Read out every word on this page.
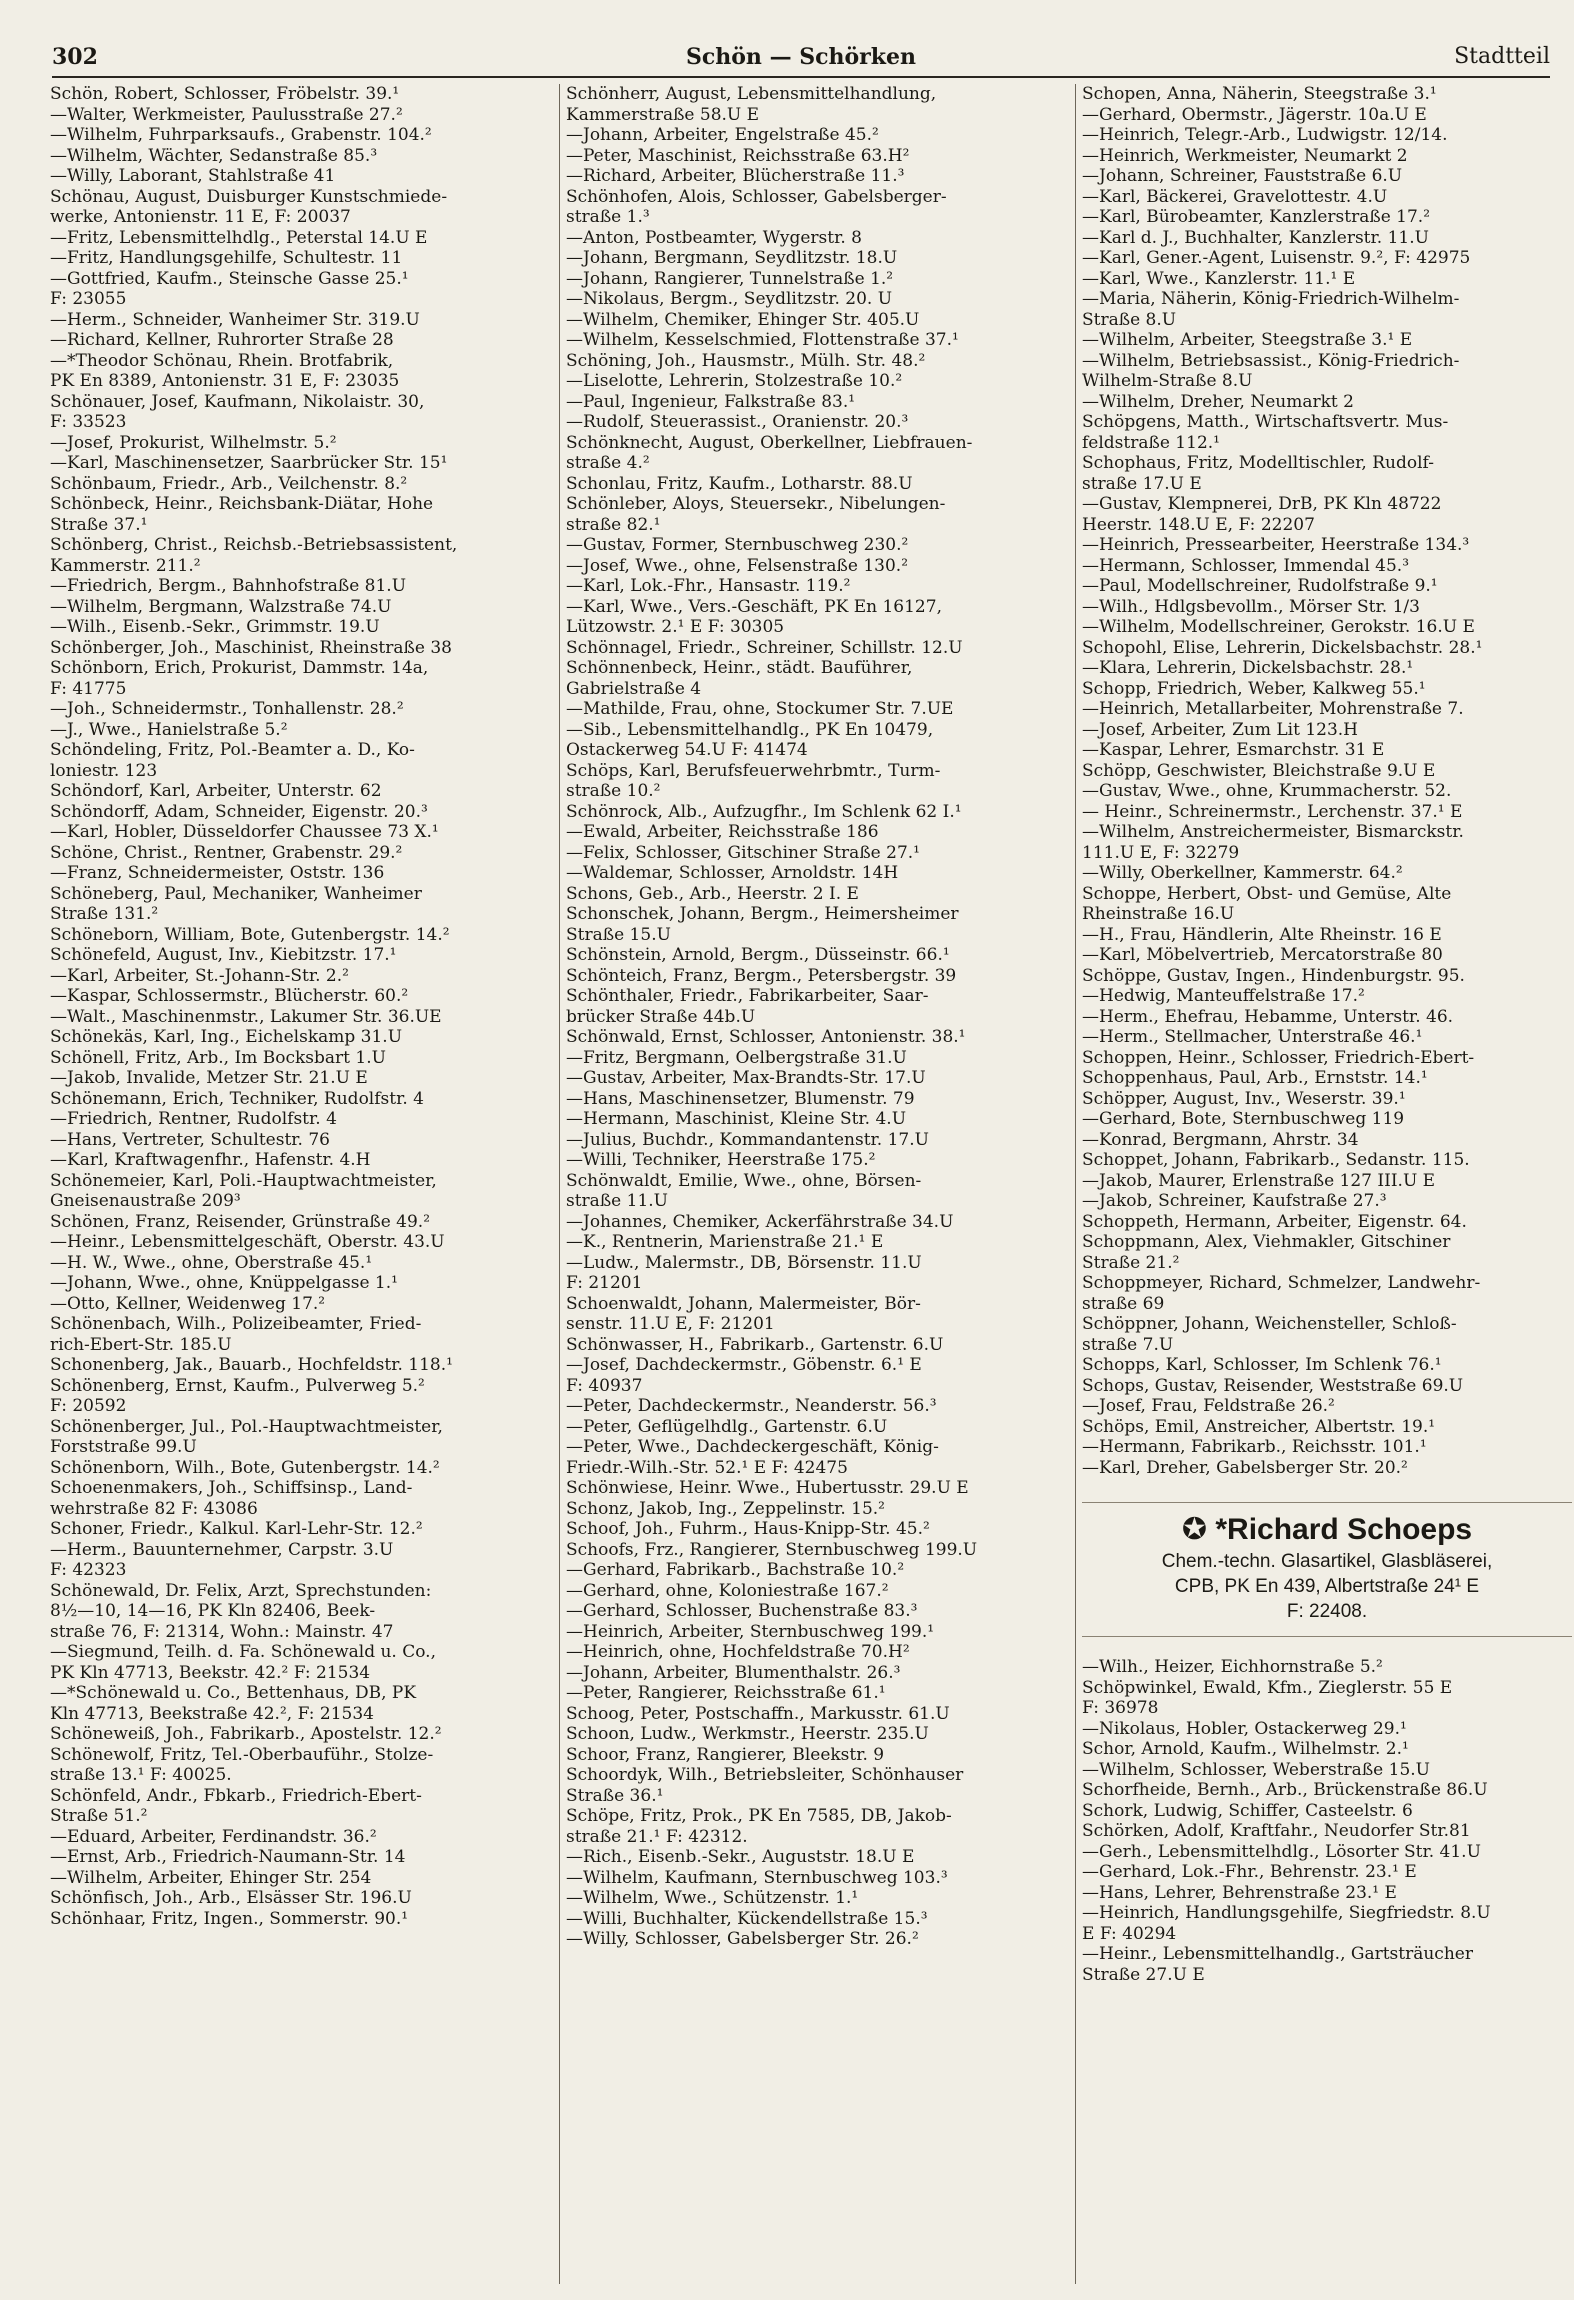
302	Schön — Schörken	Stadtteil
Schön, Robert, Schlosser, Fröbelstr. 39.¹
—Walter, Werkmeister, Paulusstraße 27.²
—Wilhelm, Fuhrparksaufs., Grabenstr. 104.²
—Wilhelm, Wächter, Sedanstraße 85.³
—Willy, Laborant, Stahlstraße 41
Schönau, August, Duisburger Kunstschmiede-
werke, Antonienstr. 11 E, F: 20037
—Fritz, Lebensmittelhdlg., Peterstal 14.U E
—Fritz, Handlungsgehilfe, Schultestr. 11
—Gottfried, Kaufm., Steinsche Gasse 25.¹
F: 23055
—Herm., Schneider, Wanheimer Str. 319.U
—Richard, Kellner, Ruhrorter Straße 28
—*Theodor Schönau, Rhein. Brotfabrik,
PK En 8389, Antonienstr. 31 E, F: 23035
Schönauer, Josef, Kaufmann, Nikolaistr. 30,
F: 33523
—Josef, Prokurist, Wilhelmstr. 5.²
—Karl, Maschinensetzer, Saarbrücker Str. 15¹
Schönbaum, Friedr., Arb., Veilchenstr. 8.²
Schönbeck, Heinr., Reichsbank-Diätar, Hohe
Straße 37.¹
Schönberg, Christ., Reichsb.-Betriebsassistent,
Kammerstr. 211.²
—Friedrich, Bergm., Bahnhofstraße 81.U
—Wilhelm, Bergmann, Walzstraße 74.U
—Wilh., Eisenb.-Sekr., Grimmstr. 19.U
Schönberger, Joh., Maschinist, Rheinstraße 38
Schönborn, Erich, Prokurist, Dammstr. 14a,
F: 41775
—Joh., Schneidermstr., Tonhallenstr. 28.²
—J., Wwe., Hanielstraße 5.²
Schöndeling, Fritz, Pol.-Beamter a. D., Ko-
loniestr. 123
Schöndorf, Karl, Arbeiter, Unterstr. 62
Schöndorff, Adam, Schneider, Eigenstr. 20.³
—Karl, Hobler, Düsseldorfer Chaussee 73 X.¹
Schöne, Christ., Rentner, Grabenstr. 29.²
—Franz, Schneidermeister, Oststr. 136
Schöneberg, Paul, Mechaniker, Wanheimer
Straße 131.²
Schöneborn, William, Bote, Gutenbergstr. 14.²
Schönefeld, August, Inv., Kiebitzstr. 17.¹
—Karl, Arbeiter, St.-Johann-Str. 2.²
—Kaspar, Schlossermstr., Blücherstr. 60.²
—Walt., Maschinenmstr., Lakumer Str. 36.UE
Schönekäs, Karl, Ing., Eichelskamp 31.U
Schönell, Fritz, Arb., Im Bocksbart 1.U
—Jakob, Invalide, Metzer Str. 21.U E
Schönemann, Erich, Techniker, Rudolfstr. 4
—Friedrich, Rentner, Rudolfstr. 4
—Hans, Vertreter, Schultestr. 76
—Karl, Kraftwagenfhr., Hafenstr. 4.H
Schönemeier, Karl, Poli.-Hauptwachtmeister,
Gneisenaustraße 209³
Schönen, Franz, Reisender, Grünstraße 49.²
—Heinr., Lebensmittelgeschäft, Oberstr. 43.U
—H. W., Wwe., ohne, Oberstraße 45.¹
—Johann, Wwe., ohne, Knüppelgasse 1.¹
—Otto, Kellner, Weidenweg 17.²
Schönenbach, Wilh., Polizeibeamter, Fried-
rich-Ebert-Str. 185.U
Schonenberg, Jak., Bauarb., Hochfeldstr. 118.¹
Schönenberg, Ernst, Kaufm., Pulverweg 5.²
F: 20592
Schönenberger, Jul., Pol.-Hauptwachtmeister,
Forststraße 99.U
Schönenborn, Wilh., Bote, Gutenbergstr. 14.²
Schoenenmakers, Joh., Schiffsinsp., Land-
wehrstraße 82 F: 43086
Schoner, Friedr., Kalkul. Karl-Lehr-Str. 12.²
—Herm., Bauunternehmer, Carpstr. 3.U
F: 42323
Schönewald, Dr. Felix, Arzt, Sprechstunden:
8½—10, 14—16, PK Kln 82406, Beek-
straße 76, F: 21314, Wohn.: Mainstr. 47
—Siegmund, Teilh. d. Fa. Schönewald u. Co.,
PK Kln 47713, Beekstr. 42.² F: 21534
—*Schönewald u. Co., Bettenhaus, DB, PK
Kln 47713, Beekstraße 42.², F: 21534
Schöneweiß, Joh., Fabrikarb., Apostelstr. 12.²
Schönewolf, Fritz, Tel.-Oberbauführ., Stolze-
straße 13.¹ F: 40025.
Schönfeld, Andr., Fbkarb., Friedrich-Ebert-
Straße 51.²
—Eduard, Arbeiter, Ferdinandstr. 36.²
—Ernst, Arb., Friedrich-Naumann-Str. 14
—Wilhelm, Arbeiter, Ehinger Str. 254
Schönfisch, Joh., Arb., Elsässer Str. 196.U
Schönhaar, Fritz, Ingen., Sommerstr. 90.¹
Schönherr, August, Lebensmittelhandlung,
Kammerstraße 58.U E
—Johann, Arbeiter, Engelstraße 45.²
—Peter, Maschinist, Reichsstraße 63.H²
—Richard, Arbeiter, Blücherstraße 11.³
Schönhofen, Alois, Schlosser, Gabelsberger-
straße 1.³
—Anton, Postbeamter, Wygerstr. 8
—Johann, Bergmann, Seydlitzstr. 18.U
—Johann, Rangierer, Tunnelstraße 1.²
—Nikolaus, Bergm., Seydlitzstr. 20. U
—Wilhelm, Chemiker, Ehinger Str. 405.U
—Wilhelm, Kesselschmied, Flottenstraße 37.¹
Schöning, Joh., Hausmstr., Mülh. Str. 48.²
—Liselotte, Lehrerin, Stolzestraße 10.²
—Paul, Ingenieur, Falkstraße 83.¹
—Rudolf, Steuerassist., Oranienstr. 20.³
Schönknecht, August, Oberkellner, Liebfrauen-
straße 4.²
Schonlau, Fritz, Kaufm., Lotharstr. 88.U
Schönleber, Aloys, Steuersekr., Nibelungen-
straße 82.¹
—Gustav, Former, Sternbuschweg 230.²
—Josef, Wwe., ohne, Felsenstraße 130.²
—Karl, Lok.-Fhr., Hansastr. 119.²
—Karl, Wwe., Vers.-Geschäft, PK En 16127,
Lützowstr. 2.¹ E F: 30305
Schönnagel, Friedr., Schreiner, Schillstr. 12.U
Schönnenbeck, Heinr., städt. Bauführer,
Gabrielstraße 4
—Mathilde, Frau, ohne, Stockumer Str. 7.UE
—Sib., Lebensmittelhandlg., PK En 10479,
Ostackerweg 54.U F: 41474
Schöps, Karl, Berufsfeuerwehrbmtr., Turm-
straße 10.²
Schönrock, Alb., Aufzugfhr., Im Schlenk 62 I.¹
—Ewald, Arbeiter, Reichsstraße 186
—Felix, Schlosser, Gitschiner Straße 27.¹
—Waldemar, Schlosser, Arnoldstr. 14H
Schons, Geb., Arb., Heerstr. 2 I. E
Schonschek, Johann, Bergm., Heimersheimer
Straße 15.U
Schönstein, Arnold, Bergm., Düsseinstr. 66.¹
Schönteich, Franz, Bergm., Petersbergstr. 39
Schönthaler, Friedr., Fabrikarbeiter, Saar-
brücker Straße 44b.U
Schönwald, Ernst, Schlosser, Antonienstr. 38.¹
—Fritz, Bergmann, Oelbergstraße 31.U
—Gustav, Arbeiter, Max-Brandts-Str. 17.U
—Hans, Maschinensetzer, Blumenstr. 79
—Hermann, Maschinist, Kleine Str. 4.U
—Julius, Buchdr., Kommandantenstr. 17.U
—Willi, Techniker, Heerstraße 175.²
Schönwaldt, Emilie, Wwe., ohne, Börsen-
straße 11.U
—Johannes, Chemiker, Ackerfährstraße 34.U
—K., Rentnerin, Marienstraße 21.¹ E
—Ludw., Malermstr., DB, Börsenstr. 11.U
F: 21201
Schoenwaldt, Johann, Malermeister, Bör-
senstr. 11.U E, F: 21201
Schönwasser, H., Fabrikarb., Gartenstr. 6.U
—Josef, Dachdeckermstr., Göbenstr. 6.¹ E
F: 40937
—Peter, Dachdeckermstr., Neanderstr. 56.³
—Peter, Geflügelhdlg., Gartenstr. 6.U
—Peter, Wwe., Dachdeckergeschäft, König-
Friedr.-Wilh.-Str. 52.¹ E F: 42475
Schönwiese, Heinr. Wwe., Hubertusstr. 29.U E
Schonz, Jakob, Ing., Zeppelinstr. 15.²
Schoof, Joh., Fuhrm., Haus-Knipp-Str. 45.²
Schoofs, Frz., Rangierer, Sternbuschweg 199.U
—Gerhard, Fabrikarb., Bachstraße 10.²
—Gerhard, ohne, Koloniestraße 167.²
—Gerhard, Schlosser, Buchenstraße 83.³
—Heinrich, Arbeiter, Sternbuschweg 199.¹
—Heinrich, ohne, Hochfeldstraße 70.H²
—Johann, Arbeiter, Blumenthalstr. 26.³
—Peter, Rangierer, Reichsstraße 61.¹
Schoog, Peter, Postschaffn., Markusstr. 61.U
Schoon, Ludw., Werkmstr., Heerstr. 235.U
Schoor, Franz, Rangierer, Bleekstr. 9
Schoordyk, Wilh., Betriebsleiter, Schönhauser
Straße 36.¹
Schöpe, Fritz, Prok., PK En 7585, DB, Jakob-
straße 21.¹ F: 42312.
—Rich., Eisenb.-Sekr., Auguststr. 18.U E
—Wilhelm, Kaufmann, Sternbuschweg 103.³
—Wilhelm, Wwe., Schützenstr. 1.¹
—Willi, Buchhalter, Kückendellstraße 15.³
—Willy, Schlosser, Gabelsberger Str. 26.²
Schopen, Anna, Näherin, Steegstraße 3.¹
—Gerhard, Obermstr., Jägerstr. 10a.U E
—Heinrich, Telegr.-Arb., Ludwigstr. 12/14.
—Heinrich, Werkmeister, Neumarkt 2
—Johann, Schreiner, Fauststraße 6.U
—Karl, Bäckerei, Gravelottestr. 4.U
—Karl, Bürobeamter, Kanzlerstraße 17.²
—Karl d. J., Buchhalter, Kanzlerstr. 11.U
—Karl, Gener.-Agent, Luisenstr. 9.², F: 42975
—Karl, Wwe., Kanzlerstr. 11.¹ E
—Maria, Näherin, König-Friedrich-Wilhelm-
Straße 8.U
—Wilhelm, Arbeiter, Steegstraße 3.¹ E
—Wilhelm, Betriebsassist., König-Friedrich-
Wilhelm-Straße 8.U
—Wilhelm, Dreher, Neumarkt 2
Schöpgens, Matth., Wirtschaftsvertr. Mus-
feldstraße 112.¹
Schophaus, Fritz, Modelltischler, Rudolf-
straße 17.U E
—Gustav, Klempnerei, DrB, PK Kln 48722
Heerstr. 148.U E, F: 22207
—Heinrich, Pressearbeiter, Heerstraße 134.³
—Hermann, Schlosser, Immendal 45.³
—Paul, Modellschreiner, Rudolfstraße 9.¹
—Wilh., Hdlgsbevollm., Mörser Str. 1/3
—Wilhelm, Modellschreiner, Gerokstr. 16.U E
Schopohl, Elise, Lehrerin, Dickelsbachstr. 28.¹
—Klara, Lehrerin, Dickelsbachstr. 28.¹
Schopp, Friedrich, Weber, Kalkweg 55.¹
—Heinrich, Metallarbeiter, Mohrenstraße 7.
—Josef, Arbeiter, Zum Lit 123.H
—Kaspar, Lehrer, Esmarchstr. 31 E
Schöpp, Geschwister, Bleichstraße 9.U E
—Gustav, Wwe., ohne, Krummacherstr. 52.
— Heinr., Schreinermstr., Lerchenstr. 37.¹ E
—Wilhelm, Anstreichermeister, Bismarckstr.
111.U E, F: 32279
—Willy, Oberkellner, Kammerstr. 64.²
Schoppe, Herbert, Obst- und Gemüse, Alte
Rheinstraße 16.U
—H., Frau, Händlerin, Alte Rheinstr. 16 E
—Karl, Möbelvertrieb, Mercatorstraße 80
Schöppe, Gustav, Ingen., Hindenburgstr. 95.
—Hedwig, Manteuffelstraße 17.²
—Herm., Ehefrau, Hebamme, Unterstr. 46.
—Herm., Stellmacher, Unterstraße 46.¹
Schoppen, Heinr., Schlosser, Friedrich-Ebert-
Schoppenhaus, Paul, Arb., Ernststr. 14.¹
Schöpper, August, Inv., Weserstr. 39.¹
—Gerhard, Bote, Sternbuschweg 119
—Konrad, Bergmann, Ahrstr. 34
Schoppet, Johann, Fabrikarb., Sedanstr. 115.
—Jakob, Maurer, Erlenstraße 127 III.U E
—Jakob, Schreiner, Kaufstraße 27.³
Schoppeth, Hermann, Arbeiter, Eigenstr. 64.
Schoppmann, Alex, Viehmakler, Gitschiner
Straße 21.²
Schoppmeyer, Richard, Schmelzer, Landwehr-
straße 69
Schöppner, Johann, Weichensteller, Schloß-
straße 7.U
Schopps, Karl, Schlosser, Im Schlenk 76.¹
Schops, Gustav, Reisender, Weststraße 69.U
—Josef, Frau, Feldstraße 26.²
Schöps, Emil, Anstreicher, Albertstr. 19.¹
—Hermann, Fabrikarb., Reichsstr. 101.¹
—Karl, Dreher, Gabelsberger Str. 20.²
✪ *Richard Schoeps
Chem.-techn. Glasartikel, Glasbläserei,
CPB, PK En 439, Albertstraße 24¹ E
F: 22408.
—Wilh., Heizer, Eichhornstraße 5.²
Schöpwinkel, Ewald, Kfm., Zieglerstr. 55 E
F: 36978
—Nikolaus, Hobler, Ostackerweg 29.¹
Schor, Arnold, Kaufm., Wilhelmstr. 2.¹
—Wilhelm, Schlosser, Weberstraße 15.U
Schorfheide, Bernh., Arb., Brückenstraße 86.U
Schork, Ludwig, Schiffer, Casteelstr. 6
Schörken, Adolf, Kraftfahr., Neudorfer Str.81
—Gerh., Lebensmittelhdlg., Lösorter Str. 41.U
—Gerhard, Lok.-Fhr., Behrenstr. 23.¹ E
—Hans, Lehrer, Behrenstraße 23.¹ E
—Heinrich, Handlungsgehilfe, Siegfriedstr. 8.U
E F: 40294
—Heinr., Lebensmittelhandlg., Gartsträucher
Straße 27.U E
